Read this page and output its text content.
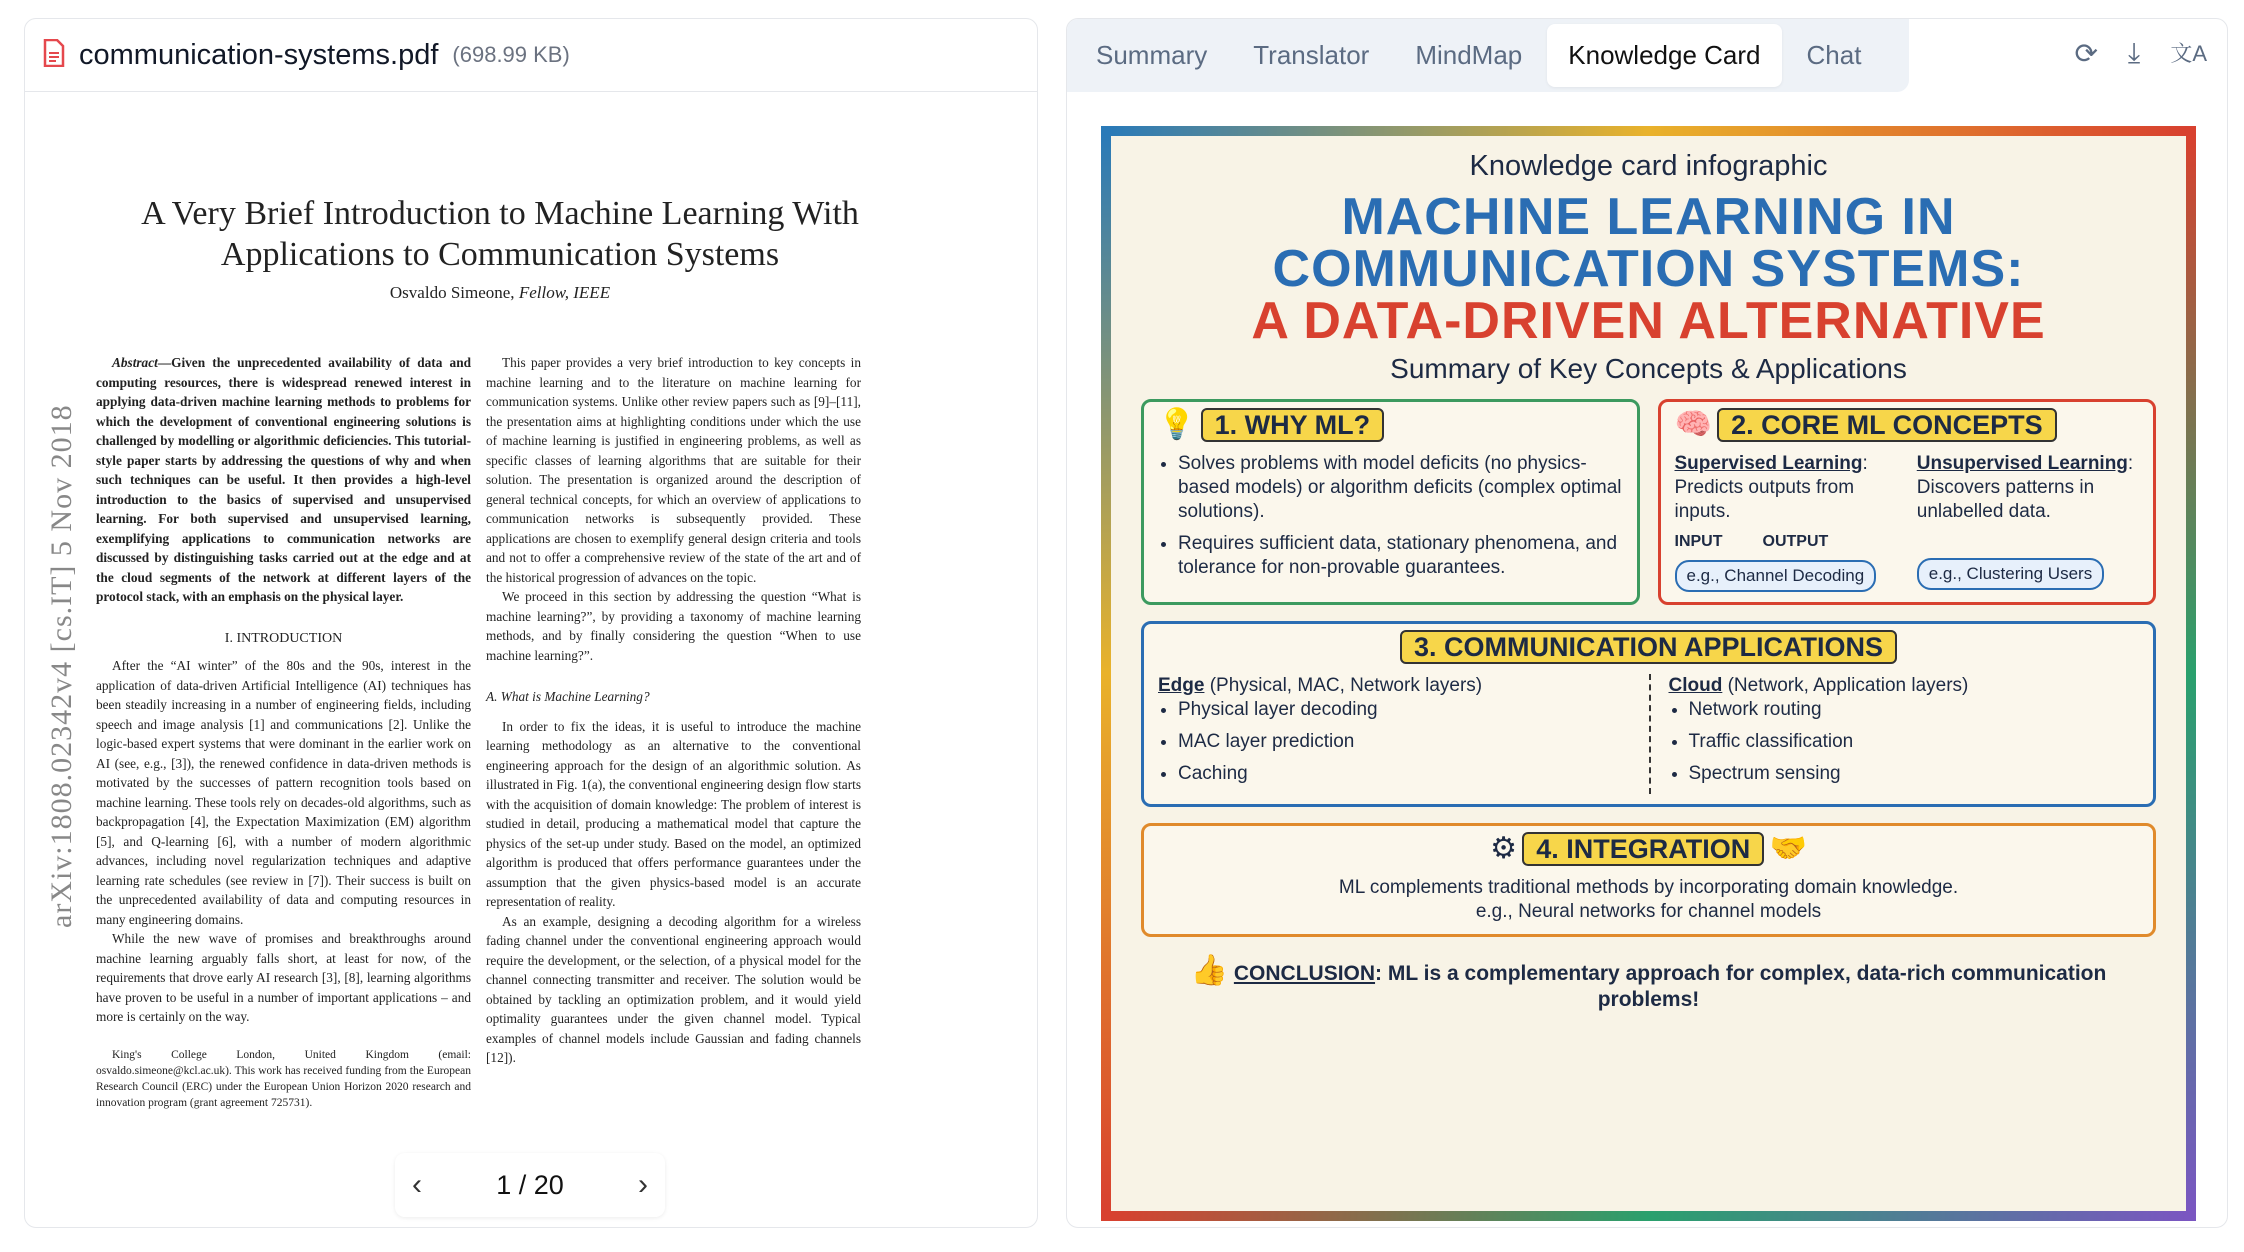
communication-systems.pdf (698.99 KB)
arXiv:1808.02342v4 [cs.IT] 5 Nov 2018
A Very Brief Introduction to Machine Learning With Applications to Communication Systems
Osvaldo Simeone, Fellow, IEEE

Abstract—Given the unprecedented availability of data and computing resources, there is widespread renewed interest in applying data-driven machine learning methods to problems for which the development of conventional engineering solutions is challenged by modelling or algorithmic deficiencies. This tutorial-style paper starts by addressing the questions of why and when such techniques can be useful. It then provides a high-level introduction to the basics of supervised and unsupervised learning. For both supervised and unsupervised learning, exemplifying applications to communication networks are discussed by distinguishing tasks carried out at the edge and at the cloud segments of the network at different layers of the protocol stack, with an emphasis on the physical layer.

I. INTRODUCTION

After the “AI winter” of the 80s and the 90s, interest in the application of data-driven Artificial Intelligence (AI) techniques has been steadily increasing in a number of engineering fields, including speech and image analysis [1] and communications [2]. Unlike the logic-based expert systems that were dominant in the earlier work on AI (see, e.g., [3]), the renewed confidence in data-driven methods is motivated by the successes of pattern recognition tools based on machine learning. These tools rely on decades-old algorithms, such as backpropagation [4], the Expectation Maximization (EM) algorithm [5], and Q-learning [6], with a number of modern algorithmic advances, including novel regularization techniques and adaptive learning rate schedules (see review in [7]). Their success is built on the unprecedented availability of data and computing resources in many engineering domains.

While the new wave of promises and breakthroughs around machine learning arguably falls short, at least for now, of the requirements that drove early AI research [3], [8], learning algorithms have proven to be useful in a number of important applications – and more is certainly on the way.

King's College London, United Kingdom (email: osvaldo.simeone@kcl.ac.uk). This work has received funding from the European Research Council (ERC) under the European Union Horizon 2020 research and innovation program (grant agreement 725731).

This paper provides a very brief introduction to key concepts in machine learning and to the literature on machine learning for communication systems. Unlike other review papers such as [9]–[11], the presentation aims at highlighting conditions under which the use of machine learning is justified in engineering problems, as well as specific classes of learning algorithms that are suitable for their solution. The presentation is organized around the description of general technical concepts, for which an overview of applications to communication networks is subsequently provided. These applications are chosen to exemplify general design criteria and tools and not to offer a comprehensive review of the state of the art and of the historical progression of advances on the topic.

We proceed in this section by addressing the question “What is machine learning?”, by providing a taxonomy of machine learning methods, and by finally considering the question “When to use machine learning?”.

A. What is Machine Learning?

In order to fix the ideas, it is useful to introduce the machine learning methodology as an alternative to the conventional engineering approach for the design of an algorithmic solution. As illustrated in Fig. 1(a), the conventional engineering design flow starts with the acquisition of domain knowledge: The problem of interest is studied in detail, producing a mathematical model that capture the physics of the set-up under study. Based on the model, an optimized algorithm is produced that offers performance guarantees under the assumption that the given physics-based model is an accurate representation of reality.

As an example, designing a decoding algorithm for a wireless fading channel under the conventional engineering approach would require the development, or the selection, of a physical model for the channel connecting transmitter and receiver. The solution would be obtained by tackling an optimization problem, and it would yield optimality guarantees under the given channel model. Typical examples of channel models include Gaussian and fading channels [12]).

‹	1 / 20 ›
Summary	Translator	MindMap	Knowledge Card	Chat	⟳ ⤓ 文A
Knowledge card infographic
MACHINE LEARNING IN
COMMUNICATION SYSTEMS:
A DATA-DRIVEN ALTERNATIVE
Summary of Key Concepts & Applications
💡 1. WHY ML?
• Solves problems with model deficits (no physics-based models) or algorithm deficits (complex optimal solutions).
• Requires sufficient data, stationary phenomena, and tolerance for non-provable guarantees.
🧠 2. CORE ML CONCEPTS
Supervised Learning: Predicts outputs from inputs.
INPUT	OUTPUT
e.g., Channel Decoding
Unsupervised Learning: Discovers patterns in unlabelled data.
e.g., Clustering Users
3. COMMUNICATION APPLICATIONS
Edge (Physical, MAC, Network layers)
• Physical layer decoding
• MAC layer prediction
• Caching
Cloud (Network, Application layers)
• Network routing
• Traffic classification
• Spectrum sensing
⚙ 4. INTEGRATION 🤝
ML complements traditional methods by incorporating domain knowledge.
e.g., Neural networks for channel models
👍 CONCLUSION: ML is a complementary approach for complex, data-rich communication problems!
